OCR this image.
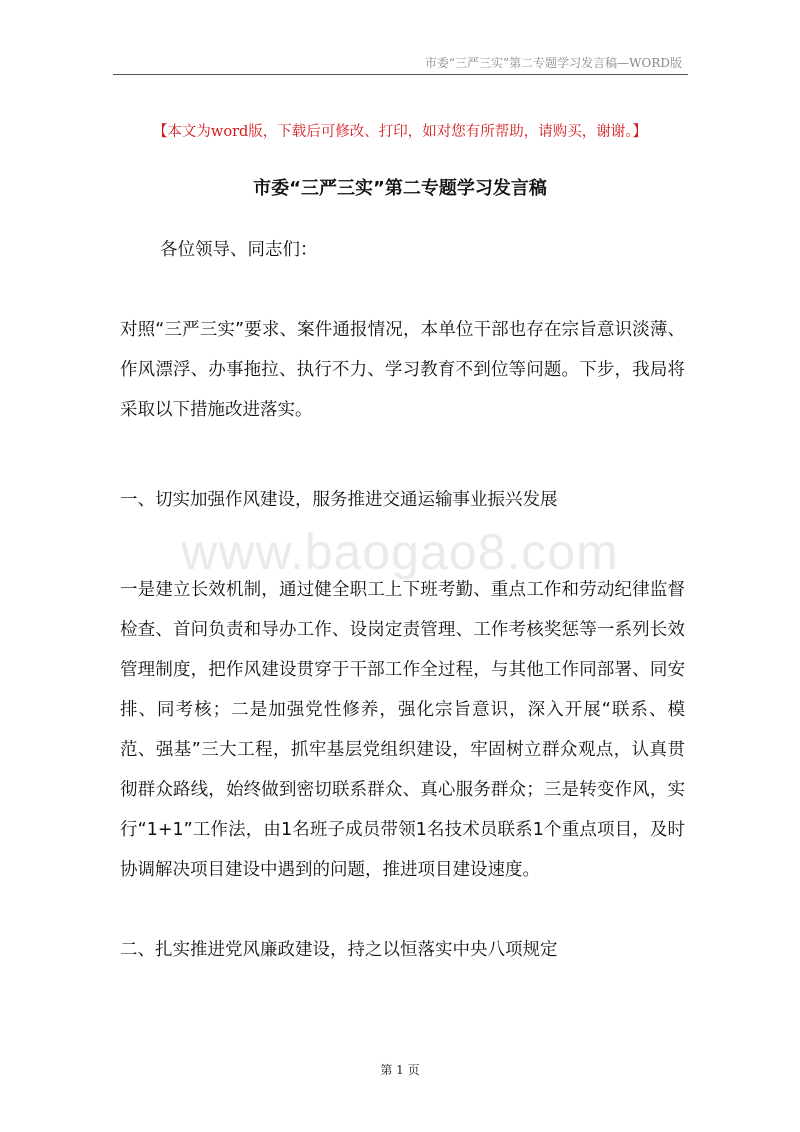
市委“三严三实”第二专题学习发言稿—WORD版
【本文为word版，下载后可修改、打印，如对您有所帮助，请购买，谢谢。】
市委“三严三实”第二专题学习发言稿

各位领导、同志们：

对照“三严三实”要求、案件通报情况，本单位干部也存在宗旨意识淡薄、作风漂浮、办事拖拉、执行不力、学习教育不到位等问题。下步，我局将采取以下措施改进落实。

一、切实加强作风建设，服务推进交通运输事业振兴发展

一是建立长效机制，通过健全职工上下班考勤、重点工作和劳动纪律监督检查、首问负责和导办工作、设岗定责管理、工作考核奖惩等一系列长效管理制度，把作风建设贯穿于干部工作全过程，与其他工作同部署、同安排、同考核；二是加强党性修养，强化宗旨意识，深入开展“联系、模范、强基”三大工程，抓牢基层党组织建设，牢固树立群众观点，认真贯彻群众路线，始终做到密切联系群众、真心服务群众；三是转变作风，实行“1+1”工作法，由1名班子成员带领1名技术员联系1个重点项目，及时协调解决项目建设中遇到的问题，推进项目建设速度。

二、扎实推进党风廉政建设，持之以恒落实中央八项规定

www.baogao8.com
第 1 页
